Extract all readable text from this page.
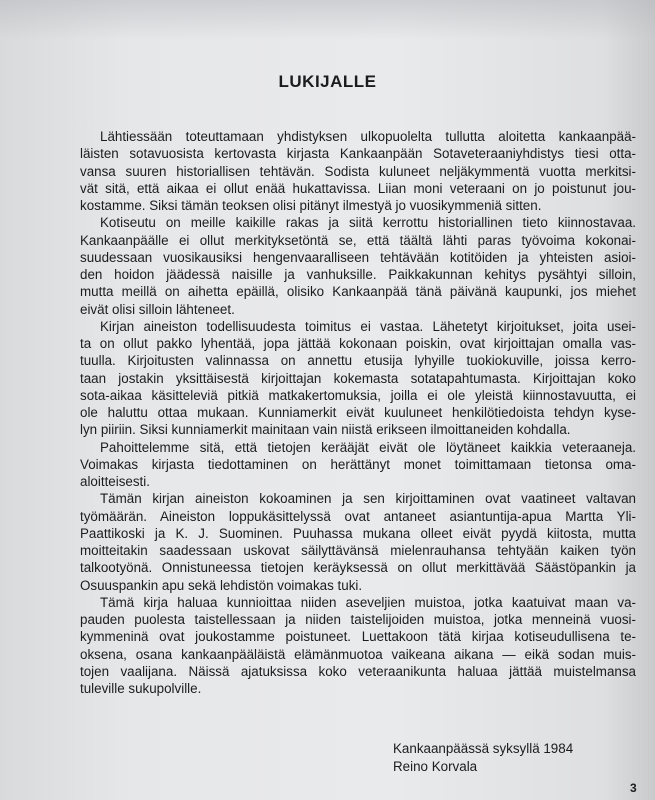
LUKIJALLE
Lähtiessään toteuttamaan yhdistyksen ulkopuolelta tullutta aloitetta kankaanpää-
läisten sotavuosista kertovasta kirjasta Kankaanpään Sotaveteraaniyhdistys tiesi otta-
vansa suuren historiallisen tehtävän. Sodista kuluneet neljäkymmentä vuotta merkitsi-
vät sitä, että aikaa ei ollut enää hukattavissa. Liian moni veteraani on jo poistunut jou-
kostamme. Siksi tämän teoksen olisi pitänyt ilmestyä jo vuosikymmeniä sitten.
Kotiseutu on meille kaikille rakas ja siitä kerrottu historiallinen tieto kiinnostavaa.
Kankaanpäälle ei ollut merkityksetöntä se, että täältä lähti paras työvoima kokonai-
suudessaan vuosikausiksi hengenvaaralliseen tehtävään kotitöiden ja yhteisten asioi-
den hoidon jäädessä naisille ja vanhuksille. Paikkakunnan kehitys pysähtyi silloin,
mutta meillä on aihetta epäillä, olisiko Kankaanpää tänä päivänä kaupunki, jos miehet
eivät olisi silloin lähteneet.
Kirjan aineiston todellisuudesta toimitus ei vastaa. Lähetetyt kirjoitukset, joita usei-
ta on ollut pakko lyhentää, jopa jättää kokonaan poiskin, ovat kirjoittajan omalla vas-
tuulla. Kirjoitusten valinnassa on annettu etusija lyhyille tuokiokuville, joissa kerro-
taan jostakin yksittäisestä kirjoittajan kokemasta sotatapahtumasta. Kirjoittajan koko
sota-aikaa käsitteleviä pitkiä matkakertomuksia, joilla ei ole yleistä kiinnostavuutta, ei
ole haluttu ottaa mukaan. Kunniamerkit eivät kuuluneet henkilötiedoista tehdyn kyse-
lyn piiriin. Siksi kunniamerkit mainitaan vain niistä erikseen ilmoittaneiden kohdalla.
Pahoittelemme sitä, että tietojen kerääjät eivät ole löytäneet kaikkia veteraaneja.
Voimakas kirjasta tiedottaminen on herättänyt monet toimittamaan tietonsa oma-
aloitteisesti.
Tämän kirjan aineiston kokoaminen ja sen kirjoittaminen ovat vaatineet valtavan
työmäärän. Aineiston loppukäsittelyssä ovat antaneet asiantuntija-apua Martta Yli-
Paattikoski ja K. J. Suominen. Puuhassa mukana olleet eivät pyydä kiitosta, mutta
moitteitakin saadessaan uskovat säilyttävänsä mielenrauhansa tehtyään kaiken työn
talkootyönä. Onnistuneessa tietojen keräyksessä on ollut merkittävää Säästöpankin ja
Osuuspankin apu sekä lehdistön voimakas tuki.
Tämä kirja haluaa kunnioittaa niiden aseveljien muistoa, jotka kaatuivat maan va-
pauden puolesta taistellessaan ja niiden taistelijoiden muistoa, jotka menneinä vuosi-
kymmeninä ovat joukostamme poistuneet. Luettakoon tätä kirjaa kotiseudullisena te-
oksena, osana kankaanpääläistä elämänmuotoa vaikeana aikana — eikä sodan muis-
tojen vaalijana. Näissä ajatuksissa koko veteraanikunta haluaa jättää muistelmansa
tuleville sukupolville.
Kankaanpäässä syksyllä 1984
Reino Korvala
3
